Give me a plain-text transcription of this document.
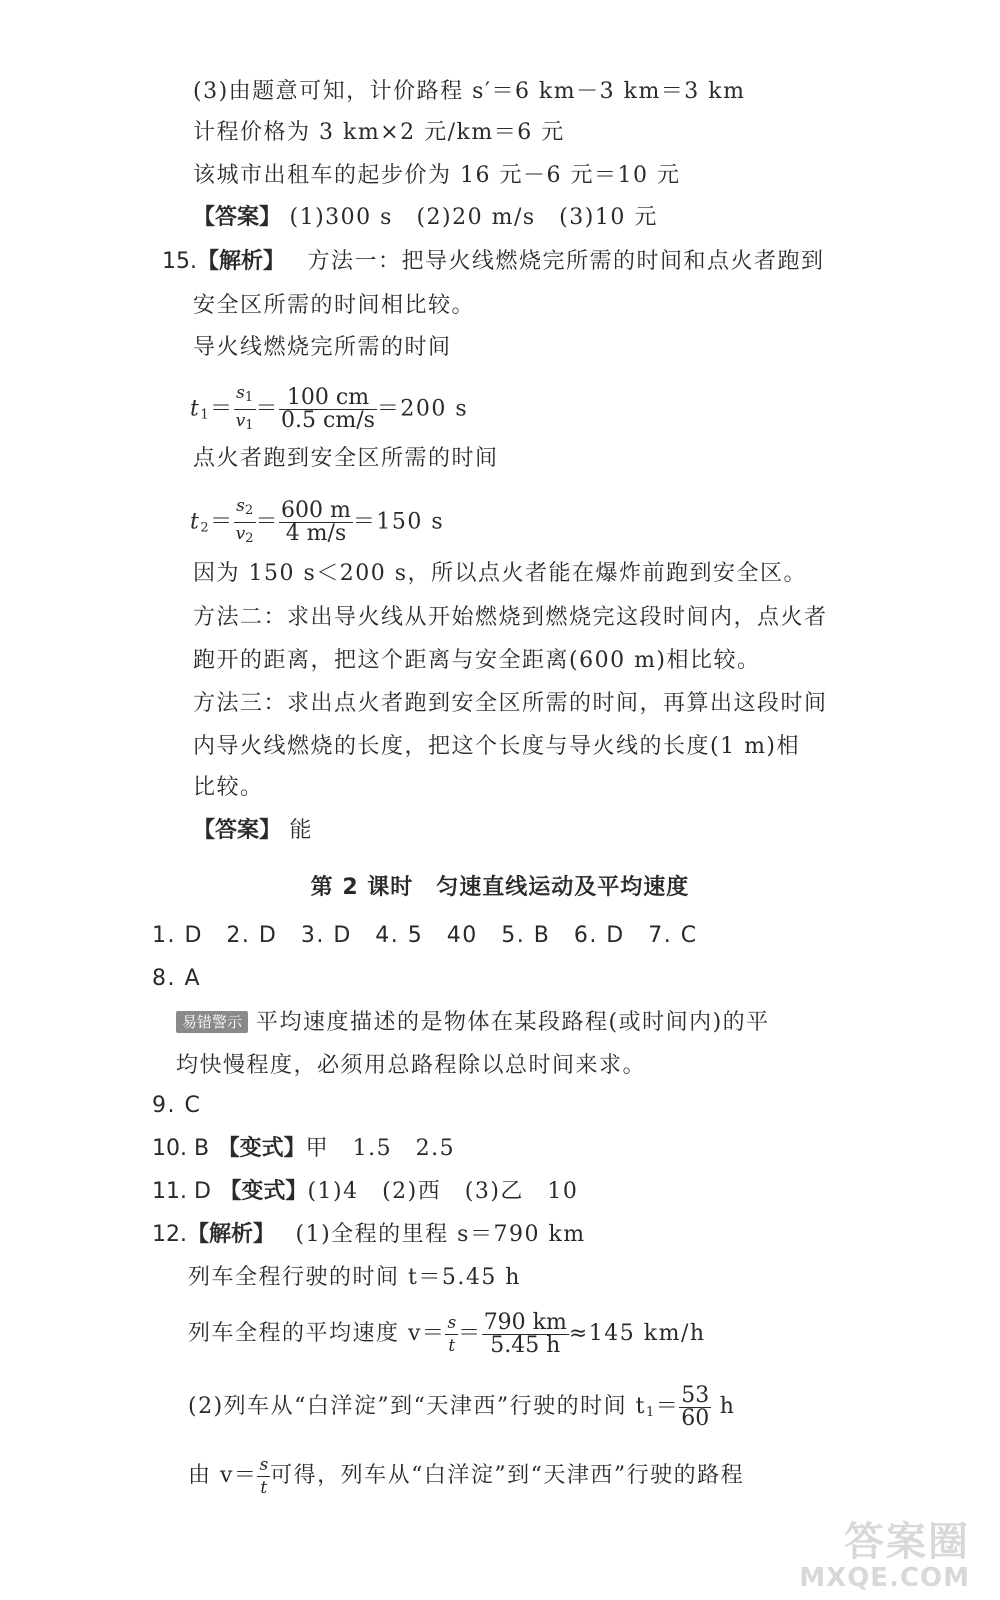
(3)由题意可知，计价路程 s′＝6 km－3 km＝3 km
计程价格为 3 km×2 元/km＝6 元
该城市出租车的起步价为 16 元－6 元＝10 元
【答案】 (1)300 s　(2)20 m/s　(3)10 元
15.【解析】 方法一：把导火线燃烧完所需的时间和点火者跑到
安全区所需的时间相比较。
导火线燃烧完所需的时间
$t_1= \frac{s_1}{v_1} = \frac{100 cm}{0.5 cm/s} =200$ s
点火者跑到安全区所需的时间
$t_2= \frac{s_2}{v_2} = \frac{600 m}{4 m/s} =150$ s
因为 150 s＜200 s，所以点火者能在爆炸前跑到安全区。
方法二：求出导火线从开始燃烧到燃烧完这段时间内，点火者
跑开的距离，把这个距离与安全距离(600 m)相比较。
方法三：求出点火者跑到安全区所需的时间，再算出这段时间
内导火线燃烧的长度，把这个长度与导火线的长度(1 m)相
比较。
【答案】 能
第 2 课时　匀速直线运动及平均速度
1. D　2. D　3. D　4. 5　40　5. B　6. D　7. C
8. A
易错警示 平均速度描述的是物体在某段路程(或时间内)的平
均快慢程度，必须用总路程除以总时间来求。
9. C
10. B 【变式】甲　1.5　2.5
11. D 【变式】(1)4　(2)西　(3)乙　10
12.【解析】 (1)全程的里程 s＝790 km
列车全程行驶的时间 t＝5.45 h
列车全程的平均速度 $v= \frac{s}{t} = \frac{790 km}{5.45 h} \approx 145$ km/h
(2)列车从“白洋淀”到“天津西”行驶的时间 $t_1= \frac{53}{60}$ h
由 $v= \frac{s}{t}$ 可得，列车从“白洋淀”到“天津西”行驶的路程
答案圈
MXQE.COM
